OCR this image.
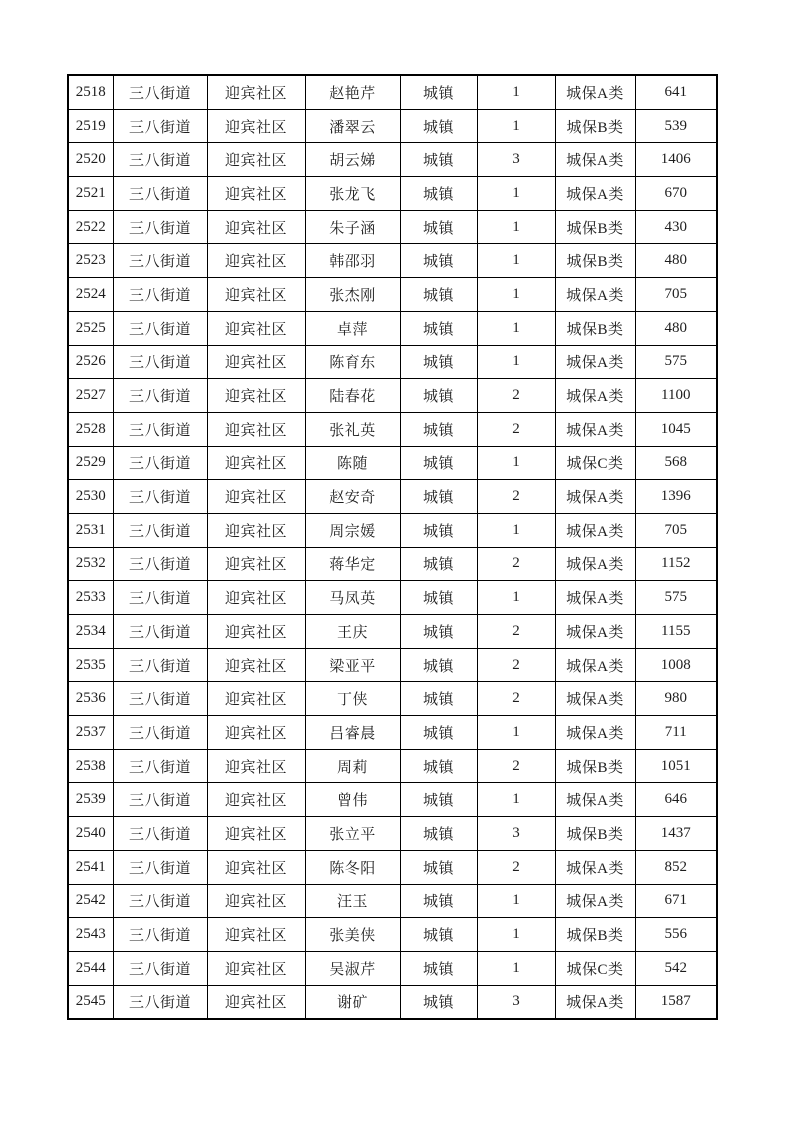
2518	三八街道	迎宾社区	赵艳芹	城镇	1	城保A类	641
2519	三八街道	迎宾社区	潘翠云	城镇	1	城保B类	539
2520	三八街道	迎宾社区	胡云娣	城镇	3	城保A类	1406
2521	三八街道	迎宾社区	张龙飞	城镇	1	城保A类	670
2522	三八街道	迎宾社区	朱子涵	城镇	1	城保B类	430
2523	三八街道	迎宾社区	韩邵羽	城镇	1	城保B类	480
2524	三八街道	迎宾社区	张杰刚	城镇	1	城保A类	705
2525	三八街道	迎宾社区	卓萍	城镇	1	城保B类	480
2526	三八街道	迎宾社区	陈育东	城镇	1	城保A类	575
2527	三八街道	迎宾社区	陆春花	城镇	2	城保A类	1100
2528	三八街道	迎宾社区	张礼英	城镇	2	城保A类	1045
2529	三八街道	迎宾社区	陈随	城镇	1	城保C类	568
2530	三八街道	迎宾社区	赵安奇	城镇	2	城保A类	1396
2531	三八街道	迎宾社区	周宗媛	城镇	1	城保A类	705
2532	三八街道	迎宾社区	蒋华定	城镇	2	城保A类	1152
2533	三八街道	迎宾社区	马凤英	城镇	1	城保A类	575
2534	三八街道	迎宾社区	王庆	城镇	2	城保A类	1155
2535	三八街道	迎宾社区	梁亚平	城镇	2	城保A类	1008
2536	三八街道	迎宾社区	丁侠	城镇	2	城保A类	980
2537	三八街道	迎宾社区	吕睿晨	城镇	1	城保A类	711
2538	三八街道	迎宾社区	周莉	城镇	2	城保B类	1051
2539	三八街道	迎宾社区	曾伟	城镇	1	城保A类	646
2540	三八街道	迎宾社区	张立平	城镇	3	城保B类	1437
2541	三八街道	迎宾社区	陈冬阳	城镇	2	城保A类	852
2542	三八街道	迎宾社区	汪玉	城镇	1	城保A类	671
2543	三八街道	迎宾社区	张美侠	城镇	1	城保B类	556
2544	三八街道	迎宾社区	吴淑芹	城镇	1	城保C类	542
2545	三八街道	迎宾社区	谢矿	城镇	3	城保A类	1587
